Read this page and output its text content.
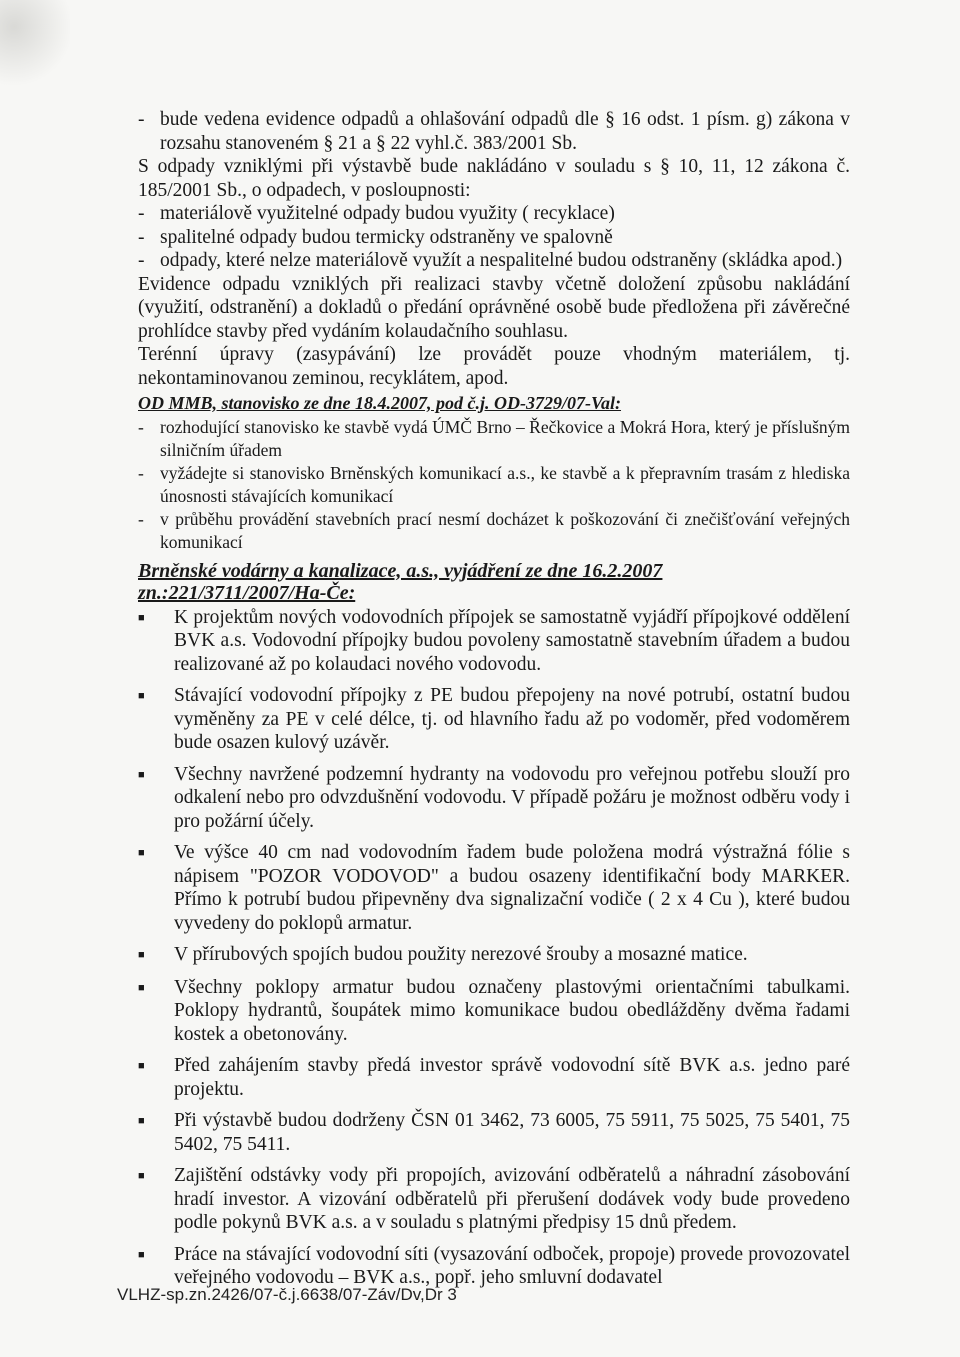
- bude vedena evidence odpadů a ohlašování odpadů dle § 16 odst. 1 písm. g) zákona v rozsahu stanoveném § 21 a § 22 vyhl.č. 383/2001 Sb.

S odpady vzniklými při výstavbě bude nakládáno v souladu s § 10, 11, 12 zákona č. 185/2001 Sb., o odpadech, v posloupnosti:

- materiálově využitelné odpady budou využity ( recyklace)
- spalitelné odpady budou termicky odstraněny ve spalovně
- odpady, které nelze materiálově využít a nespalitelné budou odstraněny (skládka apod.)

Evidence odpadu vzniklých při realizaci stavby včetně doložení způsobu nakládání (využití, odstranění) a dokladů o předání oprávněné osobě bude předložena při závěrečné prohlídce stavby před vydáním kolaudačního souhlasu.

Terénní úpravy (zasypávání) lze provádět pouze vhodným materiálem, tj. nekontaminovanou zeminou, recyklátem, apod.

OD MMB, stanovisko ze dne 18.4.2007, pod č.j. OD-3729/07-Val:

- rozhodující stanovisko ke stavbě vydá ÚMČ Brno – Řečkovice a Mokrá Hora, který je příslušným silničním úřadem
- vyžádejte si stanovisko Brněnských komunikací a.s., ke stavbě a k přepravním trasám z hlediska únosnosti stávajících komunikací
- v průběhu provádění stavebních prací nesmí docházet k poškozování či znečišťování veřejných komunikací

Brněnské vodárny a kanalizace, a.s., vyjádření ze dne 16.2.2007 zn.:221/3711/2007/Ha-Če:

■	K projektům nových vodovodních přípojek se samostatně vyjádří přípojkové oddělení BVK a.s. Vodovodní přípojky budou povoleny samostatně stavebním úřadem a budou realizované až po kolaudaci nového vodovodu.
■	Stávající vodovodní přípojky z PE budou přepojeny na nové potrubí, ostatní budou vyměněny za PE v celé délce, tj. od hlavního řadu až po vodoměr, před vodoměrem bude osazen kulový uzávěr.
■	Všechny navržené podzemní hydranty na vodovodu pro veřejnou potřebu slouží pro odkalení nebo pro odvzdušnění vodovodu. V případě požáru je možnost odběru vody i pro požární účely.
■	Ve výšce 40 cm nad vodovodním řadem bude položena modrá výstražná fólie s nápisem "POZOR VODOVOD" a budou osazeny identifikační body MARKER. Přímo k potrubí budou připevněny dva signalizační vodiče ( 2 x 4 Cu ), které budou vyvedeny do poklopů armatur.
■	V přírubových spojích budou použity nerezové šrouby a mosazné matice.
■	Všechny poklopy armatur budou označeny plastovými orientačními tabulkami. Poklopy hydrantů, šoupátek mimo komunikace budou obedlážděny dvěma řadami kostek a obetonovány.
■	Před zahájením stavby předá investor správě vodovodní sítě BVK a.s. jedno paré projektu.
■	Při výstavbě budou dodrženy ČSN 01 3462, 73 6005, 75 5911, 75 5025, 75 5401, 75 5402, 75 5411.
■	Zajištění odstávky vody při propojích, avizování odběratelů a náhradní zásobování hradí investor. A vizování odběratelů při přerušení dodávek vody bude provedeno podle pokynů BVK a.s. a v souladu s platnými předpisy 15 dnů předem.
■	Práce na stávající vodovodní síti (vysazování odboček, propoje) provede provozovatel veřejného vodovodu – BVK a.s., popř. jeho smluvní dodavatel
VLHZ-sp.zn.2426/07-č.j.6638/07-Záv/Dv,Dr 3
